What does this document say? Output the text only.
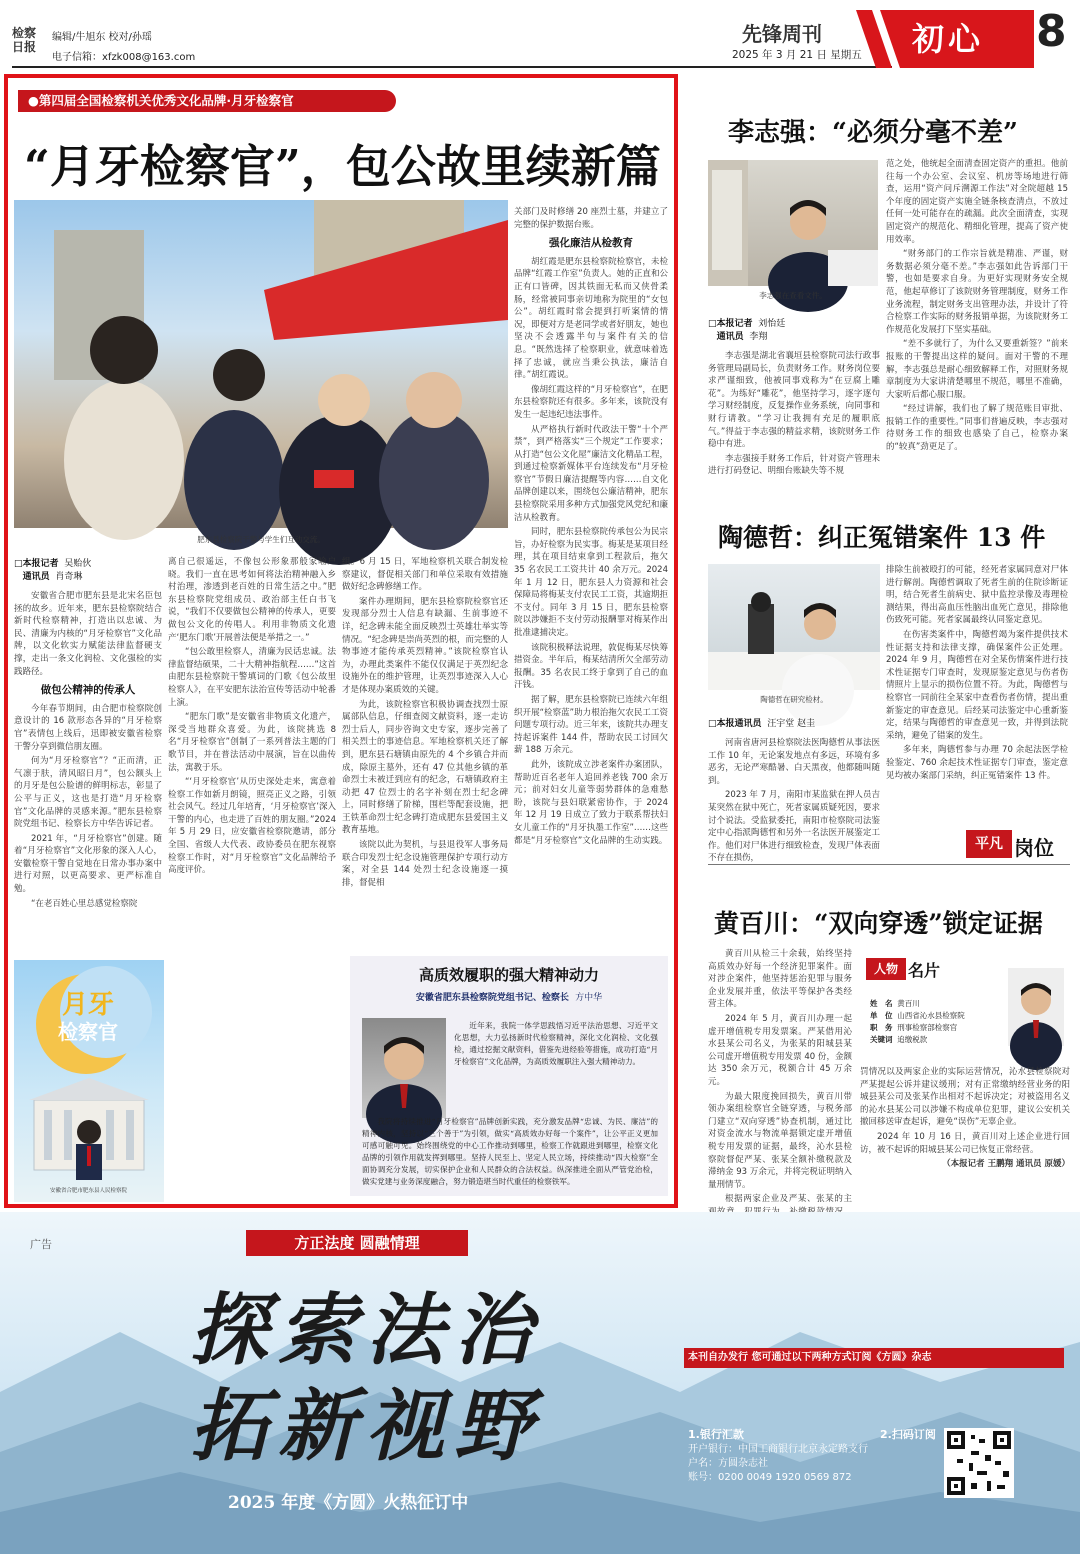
检察日报
编辑/牛旭东 校对/孙瑶
电子信箱：xfzk008@163.com
先锋周刊
2025 年 3 月 21 日 星期五 初心 8
●第四届全国检察机关优秀文化品牌·月牙检察官
“月牙检察官”，包公故里续新篇
肥东县检察院干警与学生们互动交流。

关部门及时修缮 20 座烈士墓，并建立了完整的保护数据台账。

强化廉洁从检教育

胡红霞是肥东县检察院检察官，未检品牌“红霞工作室”负责人。她的正直和公正有口皆碑，因其铁面无私而又侠骨柔肠，经常被同事亲切地称为院里的“女包公”。胡红霞时常会提到打听案情的情况，即便对方是老同学或者好朋友，她也坚决不会透露半句与案件有关的信息。“既然选择了检察职业，就意味着选择了忠诚，就应当秉公执法，廉洁自律。”胡红霞说。

像胡红霞这样的“月牙检察官”，在肥东县检察院还有很多。多年来，该院没有发生一起违纪违法事件。

从严格执行新时代政法干警“十个严禁”，到严格落实“三个规定”工作要求；从打造“包公文化屋”廉洁文化精品工程，到通过检察新媒体平台连续发布“月牙检察官”节假日廉洁提醒等内容……自文化品牌创建以来，围绕包公廉洁精神，肥东县检察院采用多种方式加强党风党纪和廉洁从检教育。

同时，肥东县检察院传承包公为民宗旨，办好检察为民实事。梅某是某项目经理，其在项目结束拿到工程款后，拖欠 35 名农民工工资共计 40 余万元。2024 年 1 月 12 日，肥东县人力资源和社会保障局将梅某支付农民工工资，其逾期拒不支付。同年 3 月 15 日，肥东县检察院以涉嫌拒不支付劳动报酬罪对梅某作出批准逮捕决定。

该院积极释法说理，敦促梅某尽快筹措资金。半年后，梅某结清所欠全部劳动报酬。35 名农民工终于拿到了自己的血汗钱。

据了解，肥东县检察院已连续六年组织开展“检察蓝”助力根治拖欠农民工工资问题专项行动。近三年来，该院共办理支持起诉案件 144 件，帮助农民工讨回欠薪 188 万余元。

此外，该院成立涉老案件办案团队，帮助近百名老年人追回养老钱 700 余万元；前对妇女儿童等弱势群体的急难愁盼，该院与县妇联紧密协作，于 2024 年 12 月 19 日成立了致力于联系帮扶妇女儿童工作的“月牙执墨工作室”……这些都是“月牙检察官”文化品牌的生动实践。

□本报记者 吴贻伙
通讯员 肖奇琳

安徽省合肥市肥东县是北宋名臣包拯的故乡。近年来，肥东县检察院结合新时代检察精神，打造出以忠诚、为民、清廉为内核的“月牙检察官”文化品牌，以文化软实力赋能法律监督硬支撑，走出一条文化润检、文化强检的实践路径。

做包公精神的传承人

今年春节期间，由合肥市检察院创意设计的 16 款形态各异的“月牙检察官”表情包上线后，迅即被安徽省检察干警分享到微信朋友圈。

何为“月牙检察官”？“正而清，正气凛于肤，清风昭日月”，包公额头上的月牙是包公脸谱的鲜明标志，彰显了公平与正义，这也是打造“月牙检察官”文化品牌的灵感来源。”肥东县检察院党组书记、检察长方中华告诉记者。

2021 年，“月牙检察官”创建。随着“月牙检察官”文化形象的深入人心，安徽检察干警自觉地在日常办事办案中进行对照，以更高要求、更严标准自勉。

“在老百姓心里总感觉检察院

离自己很遥远，不像包公形象那般家喻户晓。我们一直在思考如何将法治精神融入乡村治理，渗透到老百姓的日常生活之中。”肥东县检察院党组成员、政治部主任白书飞说，“我们不仅要做包公精神的传承人，更要做包公文化的传唱人。利用非物质文化遗产‘肥东门歌’开展普法便是举措之一。”

“包公敢里检察人，清廉为民话忠诚。法律监督结硕果，二十大精神指航程……”这首由肥东县检察院干警填词的门歌《包公故里检察人》，在平安肥东法治宣传等活动中轮番上演。

“肥东门歌”是安徽省非物质文化遗产，深受当地群众喜爱。为此，该院挑选 8 名“月牙检察官”创制了一系列普法主题的门歌节目，并在普法活动中展演，旨在以曲传法，寓教于乐。

“‘月牙检察官’从历史深处走来，寓意着检察工作如新月朗镜，照亮正义之路，引领社会风气。经过几年培育，‘月牙检察官’深入干警的内心，也走进了百姓的朋友圈。”2024 年 5 月 29 日，应安徽省检察院邀请，部分全国、省级人大代表、政协委员在肥东视察检察工作时，对“月牙检察官”文化品牌给予高度评价。

组。6 月 15 日，军地检察机关联合制发检察建议，督促相关部门和单位采取有效措施做好纪念碑修缮工作。

案件办理期间，肥东县检察院检察官还发现部分烈士人信息有缺漏、生前事迹不详，纪念碑未能全面反映烈士英雄壮举实等情况。“纪念碑是崇尚英烈的根，而完整的人物事迹才能传承英烈精神。”该院检察官认为，办理此类案件不能仅仅满足于英烈纪念设施外在的维护管理，让英烈事迹深入人心才是体现办案质效的关键。

为此，该院检察官积极协调查找烈士原属部队信息，仔细查阅文献资料，逐一走访烈士后人，同步咨询文史专家，逐步完善了相关烈士的事迹信息。军地检察机关还了解到，肥东县石塘镇由原先的 4 个乡镇合并而成，除原主墓外，还有 47 位其他乡镇的革命烈士未被迁到应有的纪念，石塘镇政府主动把 47 位烈士的名字补刻在烈士纪念碑上，同时修缮了阶梯，围栏等配套设施，把王铁革命烈士纪念碑打造成肥东县爱国主义教育基地。

该院以此为契机，与县退役军人事务局联合印发烈士纪念设施管理保护专项行动方案，对全县 144 处烈士纪念设施逐一摸排，督促相

月牙
检察官
安徽省合肥市肥东县人民检察院
高质效履职的强大精神动力
安徽省肥东县检察院党组书记、检察长 方中华

近年来，我院一体学思践悟习近平法治思想、习近平文化思想，大力弘扬新时代检察精神，深化文化润检、文化强检，通过挖掘文献资料，借鉴先进经验等措施，成功打造“月牙检察官”文化品牌，为高质效履职注入强大精神动力。

我院将持续推进“月牙检察官”品牌创新实践，充分激发品牌“忠诚、为民、廉洁”的精神内核，坚持以“三个善于”为引领，做实“高质效办好每一个案件”，让公平正义更加可感可触可见。始终围绕党的中心工作推动到哪里，检察工作就跟进到哪里，检察文化品牌的引领作用就发挥到哪里。坚持人民至上、坚定人民立场，持续推动“四大检察”全面协调充分发展，切实保护企业和人民群众的合法权益。纵深推进全面从严管党治检，做实党建与业务深度融合，努力锻造堪当时代重任的检察铁军。

李志强：“必须分毫不差”
李志强在查看文件。
□本报记者 刘怡廷
通讯员 李翔

李志强是湖北省襄垣县检察院司法行政事务管理局副局长，负责财务工作。财务岗位要求严谨细致，他被同事戏称为“在豆腐上雕花”。为练好“雕花”，他坚持学习，逐字逐句学习财经制度，反复操作业务系统，向同事和财行请教。“学习让我拥有充足的履职底气。”得益于李志强的精益求精，该院财务工作稳中有进。

李志强接手财务工作后，针对资产管理未进行打码登记、明细台账缺失等不规

范之处，他统起全面清查固定资产的重担。他前往每一个办公室、会议室、机房等场地进行筛查，运用“资产问斥溯源工作法”对全院超越 15 个年度的固定资产实施全链条核查清点，不放过任何一处可能存在的疏漏。此次全面清查，实现固定资产的规范化、精细化管理，提高了资产使用效率。

“财务部门的工作宗旨就是精准、严谨，财务数据必须分毫不差。”李志强如此告诉部门干警，也如是要求自身。为更好实现财务安全规范，他起草修订了该院财务管理制度，财务工作业务流程，制定财务支出管理办法，并设计了符合检察工作实际的财务报销单据，为该院财务工作规范化发展打下坚实基础。

“差不多就行了，为什么又要重新签？”前来报账的干警提出这样的疑问。面对干警的不理解，李志强总是耐心细致解释工作，对照财务规章制度为大家讲清楚哪里不规范，哪里不准确，大家听后都心服口服。

“经过讲解，我们也了解了规范账目审批、报销工作的重要性。”同事们普遍反映，李志强对待财务工作的细致也感染了自己，检察办案的“较真”劲更足了。

陶德哲：纠正冤错案件 13 件
陶德哲在研究检材。
□本报通讯员 汪宇堂 赵圭

河南省唐河县检察院法医陶德哲从事法医工作 10 年，无论案发地点有多远，环境有多恶劣，无论严寒酷暑、白天黑夜，他都随叫随到。

2023 年 7 月，南阳市某监狱在押人员吉某突然在狱中死亡，死者家属质疑死因，要求讨个说法。受监狱委托，南阳市检察院司法鉴定中心指派陶德哲和另外一名法医开展鉴定工作。他们对尸体进行细致检查，发现尸体表面不存在损伤，

排除生前被殴打的可能，经死者家属同意对尸体进行解剖。陶德哲调取了死者生前的住院诊断证明，结合死者生前病史、狱中监控录像及毒理检测结果，得出高血压性脑出血死亡意见，排除他伤致死可能。死者家属最终认同鉴定意见。

在伤害类案件中，陶德哲竭为案件提供技术性证据支持和法律支撑，确保案件公正处理。2024 年 9 月，陶德哲在对全某伤情案件进行技术性证据专门审查时，发现原鉴定意见与伤者伤情照片上显示的损伤位置不符。为此，陶德哲与检察官一同前往全某家中查看伤者伤情，提出重新鉴定的审查意见。后经某司法鉴定中心重新鉴定，结果与陶德哲的审查意见一致，并得到法院采纳，避免了错案的发生。

多年来，陶德哲参与办理 70 余起法医学检验鉴定、760 余起技术性证据专门审查，鉴定意见均被办案部门采纳，纠正冤错案件 13 件。

平凡 岗位
黄百川：“双向穿透”锁定证据

黄百川从检三十余载，始终坚持高质效办好每一个经济犯罪案件。面对涉企案件，他坚持惩治犯罪与服务企业发展并重，依法平等保护各类经营主体。

2024 年 5 月，黄百川办理一起虚开增值税专用发票案。严某借用沁水县某公司名义，为张某的阳城县某公司虚开增值税专用发票 40 份，金额达 350 余万元，税额合计 45 万余元。

为最大限度挽回损失，黄百川带领办案组检察官全链穿透，与税务部门建立“双向穿透”协查机制，通过比对资金流水与物流单据锁定虚开增值税专用发票的证据，最终，沁水县检察院督促严某、张某全额补缴税款及滞纳金 93 万余元，并将完税证明纳入量刑情节。

根据两家企业及严某、张某的主

人物 名片
姓　名 黄百川
单　位 山西省沁水县检察院
职　务 刑事检察部检察官
关键词 追缴税款

罚情况以及两家企业的实际运营情况，沁水县检察院对严某提起公诉并建议缓刑；对有正常缴纳经营业务的阳城县某公司及张某作出相对不起诉决定；对被盗用名义的沁水县某公司以涉嫌不构成单位犯罪，建议公安机关撤回移送审查起诉，避免“误伤”无辜企业。

2024 年 10 月 16 日，黄百川对上述企业进行回访，被不起诉的阳城县某公司已恢复正常经营。

（本报记者 王鹏翔 通讯员 原媛）

广告	方正法度 圆融情理
探索法治
拓新视野
2025 年度《方圆》火热征订中
本刊自办发行 您可通过以下两种方式订阅《方圆》杂志
1.银行汇款
开户银行：中国工商银行北京永定路支行
户名：方圆杂志社
账号：0200 0049 1920 0569 872
2.扫码订阅
